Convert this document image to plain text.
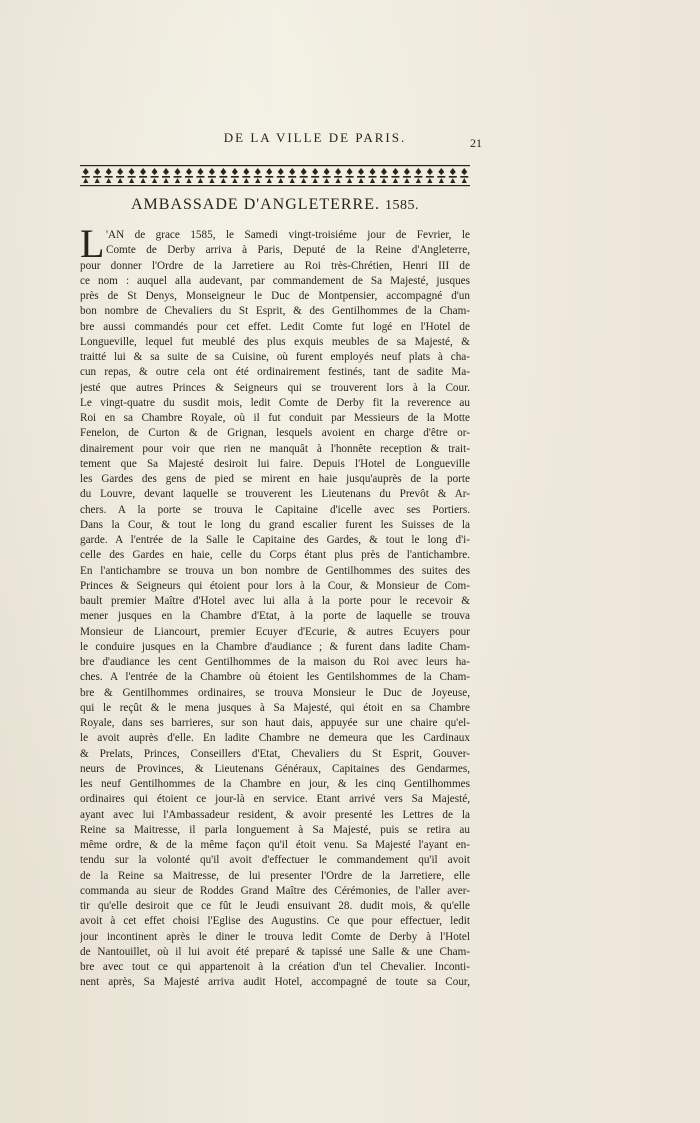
DE LA VILLE DE PARIS.	21
AMBASSADE D'ANGLETERRE. 1585.
L 'AN de grace 1585, le Samedi vingt-troisiéme jour de Fevrier, le
Comte de Derby arriva à Paris, Deputé de la Reine d'Angleterre,
pour donner l'Ordre de la Jarretiere au Roi très-Chrétien, Henri III de
ce nom : auquel alla audevant, par commandement de Sa Majesté, jusques
près de St Denys, Monseigneur le Duc de Montpensier, accompagné d'un
bon nombre de Chevaliers du St Esprit, & des Gentilhommes de la Cham-
bre aussi commandés pour cet effet. Ledit Comte fut logé en l'Hotel de
Longueville, lequel fut meublé des plus exquis meubles de sa Majesté, &
traitté lui & sa suite de sa Cuisine, où furent employés neuf plats à cha-
cun repas, & outre cela ont été ordinairement festinés, tant de sadite Ma-
jesté que autres Princes & Seigneurs qui se trouverent lors à la Cour.
Le vingt-quatre du susdit mois, ledit Comte de Derby fit la reverence au
Roi en sa Chambre Royale, où il fut conduit par Messieurs de la Motte
Fenelon, de Curton & de Grignan, lesquels avoient en charge d'être or-
dinairement pour voir que rien ne manquât à l'honnête reception & trait-
tement que Sa Majesté desiroit lui faire. Depuis l'Hotel de Longueville
les Gardes des gens de pied se mirent en haie jusqu'auprès de la porte
du Louvre, devant laquelle se trouverent les Lieutenans du Prevôt & Ar-
chers. A la porte se trouva le Capitaine d'icelle avec ses Portiers.
Dans la Cour, & tout le long du grand escalier furent les Suisses de la
garde. A l'entrée de la Salle le Capitaine des Gardes, & tout le long d'i-
celle des Gardes en haie, celle du Corps étant plus près de l'antichambre.
En l'antichambre se trouva un bon nombre de Gentilhommes des suites des
Princes & Seigneurs qui étoient pour lors à la Cour, & Monsieur de Com-
bault premier Maître d'Hotel avec lui alla à la porte pour le recevoir &
mener jusques en la Chambre d'Etat, à la porte de laquelle se trouva
Monsieur de Liancourt, premier Ecuyer d'Ecurie, & autres Ecuyers pour
le conduire jusques en la Chambre d'audiance ; & furent dans ladite Cham-
bre d'audiance les cent Gentilhommes de la maison du Roi avec leurs ha-
ches. A l'entrée de la Chambre où étoient les Gentilshommes de la Cham-
bre & Gentilhommes ordinaires, se trouva Monsieur le Duc de Joyeuse,
qui le reçût & le mena jusques à Sa Majesté, qui étoit en sa Chambre
Royale, dans ses barrieres, sur son haut dais, appuyée sur une chaire qu'el-
le avoit auprès d'elle. En ladite Chambre ne demeura que les Cardinaux
& Prelats, Princes, Conseillers d'Etat, Chevaliers du St Esprit, Gouver-
neurs de Provinces, & Lieutenans Généraux, Capitaines des Gendarmes,
les neuf Gentilhommes de la Chambre en jour, & les cinq Gentilhommes
ordinaires qui étoient ce jour-là en service. Etant arrivé vers Sa Majesté,
ayant avec lui l'Ambassadeur resident, & avoir presenté les Lettres de la
Reine sa Maitresse, il parla longuement à Sa Majesté, puis se retira au
même ordre, & de la même façon qu'il étoit venu. Sa Majesté l'ayant en-
tendu sur la volonté qu'il avoit d'effectuer le commandement qu'il avoit
de la Reine sa Maitresse, de lui presenter l'Ordre de la Jarretiere, elle
commanda au sieur de Roddes Grand Maître des Cérémonies, de l'aller aver-
tir qu'elle desiroit que ce fût le Jeudi ensuivant 28. dudit mois, & qu'elle
avoit à cet effet choisi l'Eglise des Augustins. Ce que pour effectuer, ledit
jour incontinent après le diner le trouva ledit Comte de Derby à l'Hotel
de Nantouillet, où il lui avoit été preparé & tapissé une Salle & une Cham-
bre avec tout ce qui appartenoit à la création d'un tel Chevalier. Inconti-
nent après, Sa Majesté arriva audit Hotel, accompagné de toute sa Cour,
